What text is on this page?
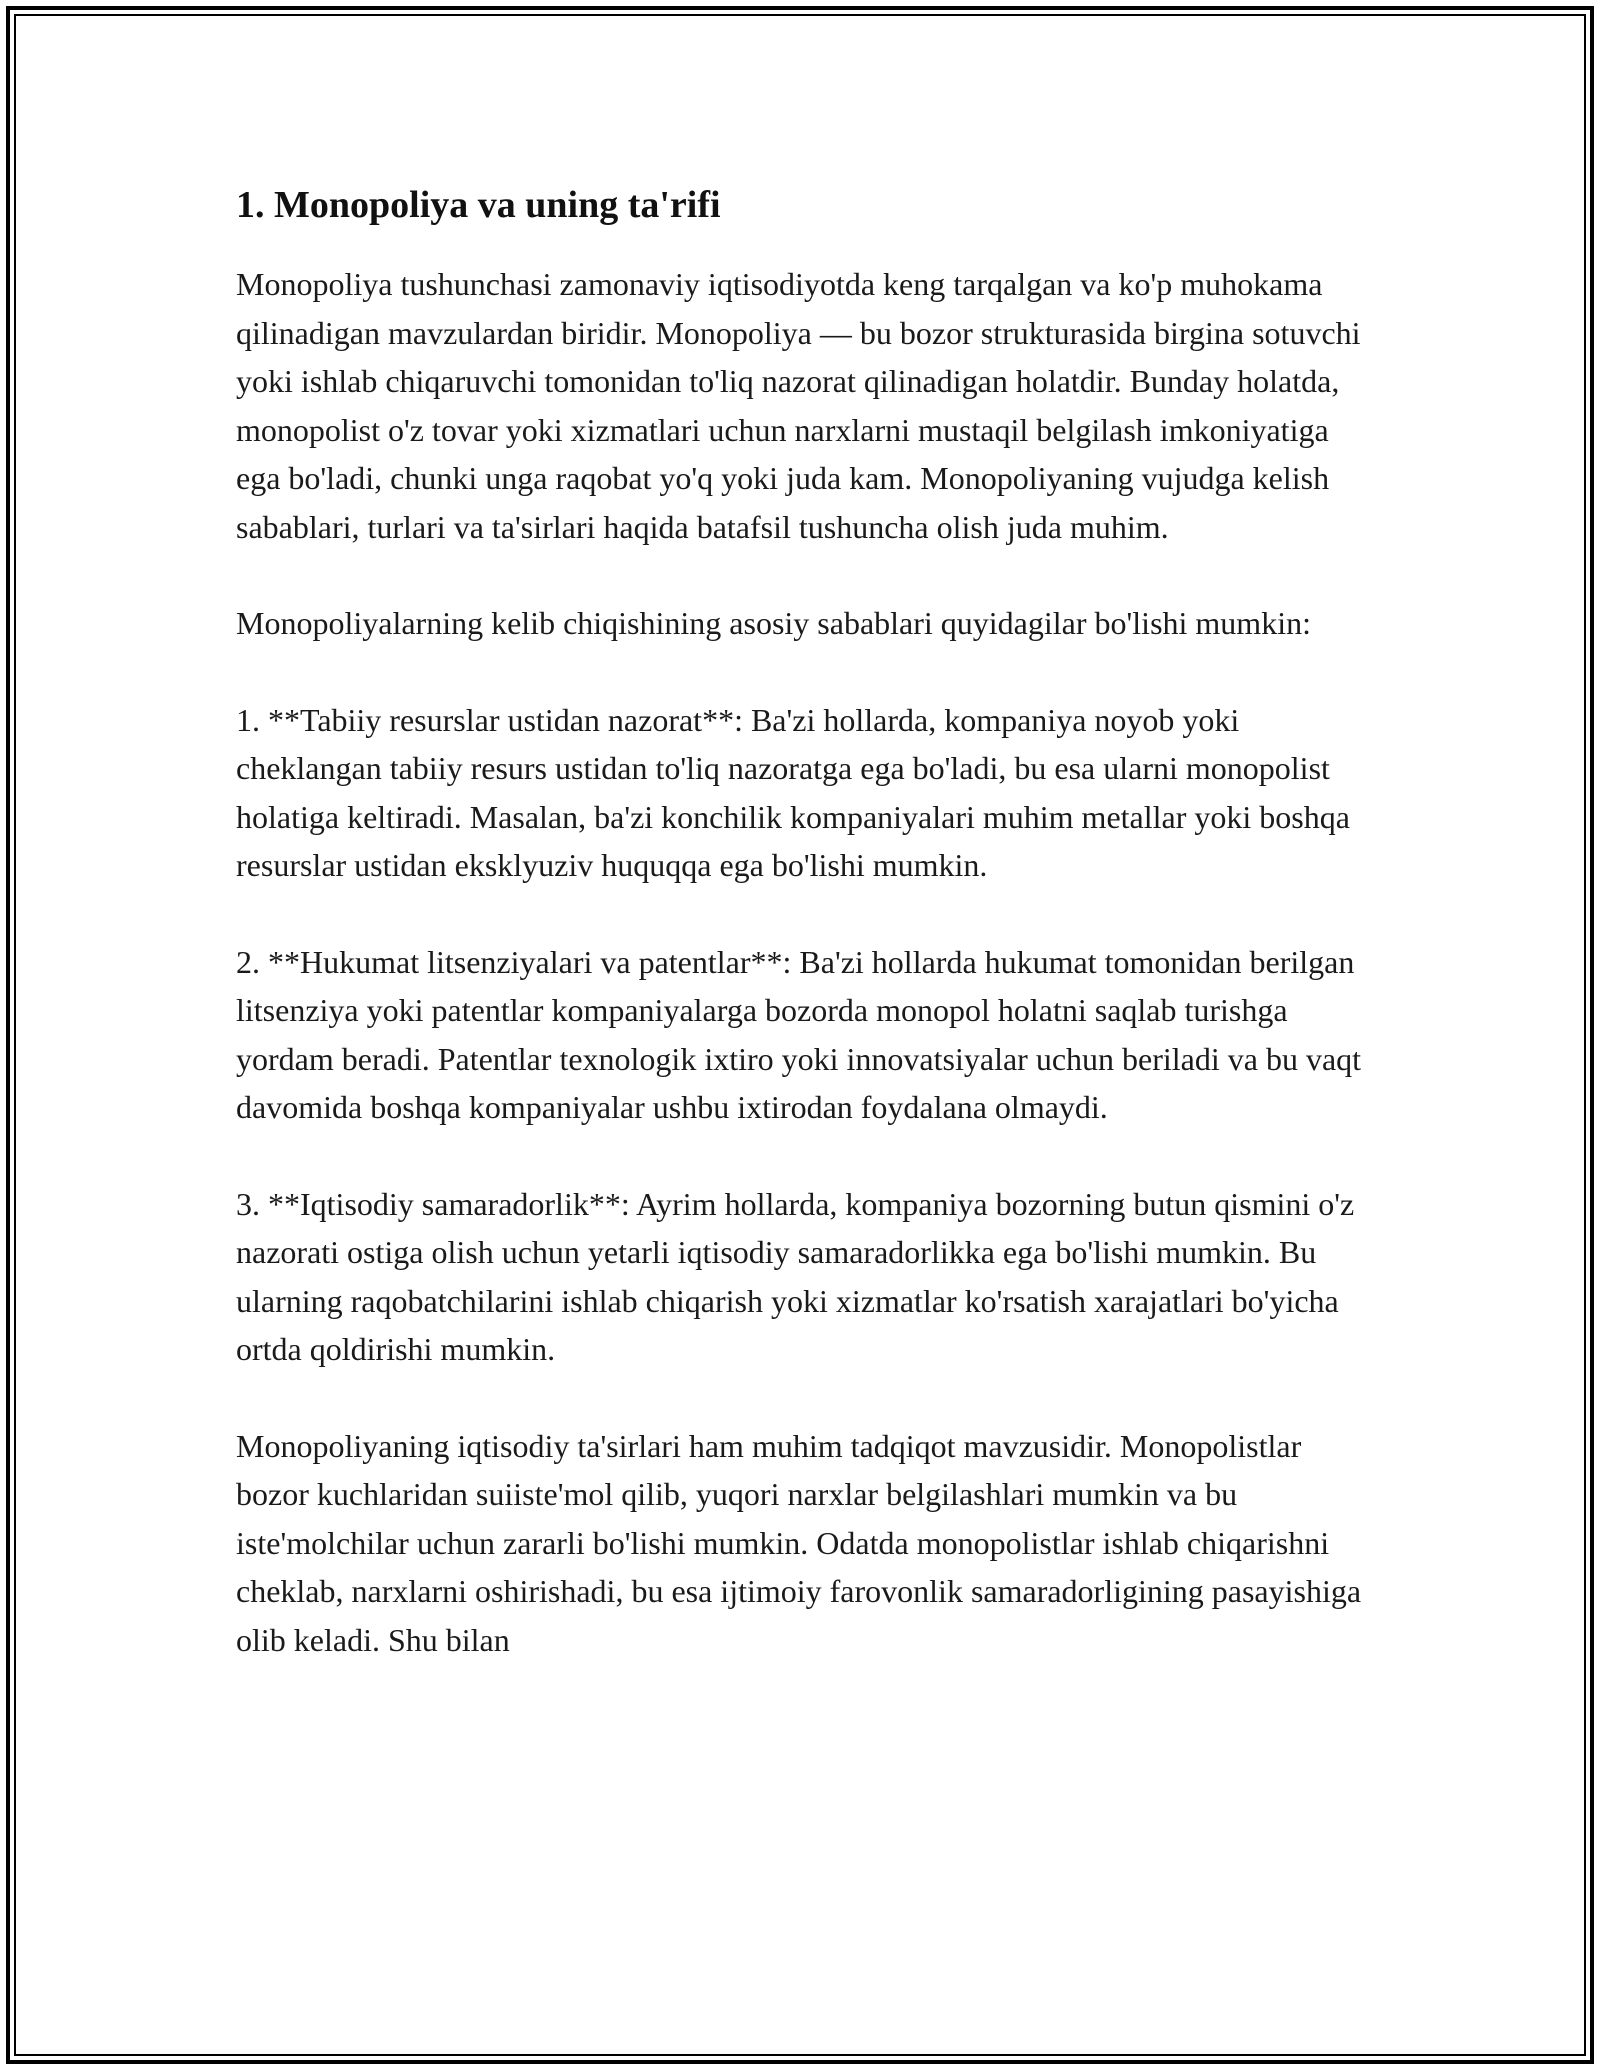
1. Monopoliya va uning ta'rifi

Monopoliya tushunchasi zamonaviy iqtisodiyotda keng tarqalgan va ko'p muhokama qilinadigan mavzulardan biridir. Monopoliya — bu bozor strukturasida birgina sotuvchi yoki ishlab chiqaruvchi tomonidan to'liq nazorat qilinadigan holatdir. Bunday holatda, monopolist o'z tovar yoki xizmatlari uchun narxlarni mustaqil belgilash imkoniyatiga ega bo'ladi, chunki unga raqobat yo'q yoki juda kam. Monopoliyaning vujudga kelish sabablari, turlari va ta'sirlari haqida batafsil tushuncha olish juda muhim.

Monopoliyalarning kelib chiqishining asosiy sabablari quyidagilar bo'lishi mumkin:

1. **Tabiiy resurslar ustidan nazorat**: Ba'zi hollarda, kompaniya noyob yoki cheklangan tabiiy resurs ustidan to'liq nazoratga ega bo'ladi, bu esa ularni monopolist holatiga keltiradi. Masalan, ba'zi konchilik kompaniyalari muhim metallar yoki boshqa resurslar ustidan eksklyuziv huquqqa ega bo'lishi mumkin.

2. **Hukumat litsenziyalari va patentlar**: Ba'zi hollarda hukumat tomonidan berilgan litsenziya yoki patentlar kompaniyalarga bozorda monopol holatni saqlab turishga yordam beradi. Patentlar texnologik ixtiro yoki innovatsiyalar uchun beriladi va bu vaqt davomida boshqa kompaniyalar ushbu ixtirodan foydalana olmaydi.

3. **Iqtisodiy samaradorlik**: Ayrim hollarda, kompaniya bozorning butun qismini o'z nazorati ostiga olish uchun yetarli iqtisodiy samaradorlikka ega bo'lishi mumkin. Bu ularning raqobatchilarini ishlab chiqarish yoki xizmatlar ko'rsatish xarajatlari bo'yicha ortda qoldirishi mumkin.

Monopoliyaning iqtisodiy ta'sirlari ham muhim tadqiqot mavzusidir. Monopolistlar bozor kuchlaridan suiiste'mol qilib, yuqori narxlar belgilashlari mumkin va bu iste'molchilar uchun zararli bo'lishi mumkin. Odatda monopolistlar ishlab chiqarishni cheklab, narxlarni oshirishadi, bu esa ijtimoiy farovonlik samaradorligining pasayishiga olib keladi. Shu bilan
